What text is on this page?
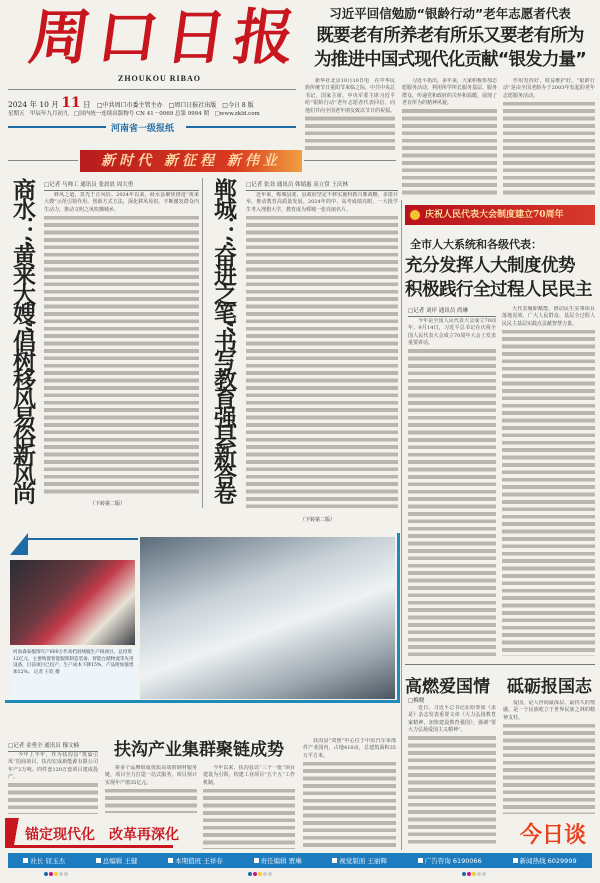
周口日报
ZHOUKOU RIBAO
2024 年 10 月 11 日 □中共周口市委主管主办　□周口日报社出版　□今日 8 版
星期五　甲辰年九月初九　□国内统一连续出版物号 CN 41－0069 总第 9994 期　□www.zkld.com
河南省一级报纸
习近平回信勉励“银龄行动”老年志愿者代表
既要老有所养老有所乐又要老有所为
为推进中国式现代化贡献“银发力量”

新华社北京10月10日电　在中华民族传统节日重阳节来临之际，中共中央总书记、国家主席、中央军委主席习近平给“银龄行动”老年志愿者代表回信，向他们并向全国老年朋友致以节日的祝福。

习近平指出，多年来，大家积极参加志愿服务活动，利用所学所长服务基层、服务群众，传递党和政府的关怀和温暖，展现了老有所为的精神风貌。

作用发挥好，权益维护好。“银龄行动”是由全国老龄办于2003年发起的老年志愿服务活动。

新时代 新征程 新伟业
商水：“黄来大嫂”倡树移风易俗新风尚	□记者 马帅工 通讯员 张晨晨 周大勇

移风之道，莫先于正风俗。2024年以来，商水县聚焦推进“黄来大嫂”示范引领作用，创新方式方法，深化移风易俗，不断激发群众内生动力，推动文明之风吹拂城乡。

（下转第二版）
郸城：“奋进之笔”书写教育强县新答卷	□记者 张劲 通讯员 韩婧惠 高立常 王庆林

近年来，郸城县委、县政府坚定不移实施科教兴郸战略，多措并举，推动教育高质量发展。2024年的中、高考成绩亮眼，一大批学生考入理想大学，教育成为郸城一张亮丽名片。

（下转第二版）
庆祝人民代表大会制度建立70周年
全市人大系统和各级代表：
充分发挥人大制度优势
积极践行全过程人民民主
□记者 刘岸 通讯员 尚琳

今年是全国人民代表大会成立70周年。9月14日，习近平总书记在庆祝全国人民代表大会成立70周年大会上发表重要讲话。

大代表履职赋能，推动民生实事项目落地见效，广大人民群众、基层全过程人民民主基层实践点贡献智慧力量。

河南森泰服饰年产600万件高档羽绒服生产线项目，总投资12亿元，主要购置智能服饰制造装备、智能仓储物流等先进设备，目前项目已投产，生产成本下降15%，产品附加值增加12%。 记者 王钦 摄
□记者 金勇全 通讯员 穆文楠	扶沟产业集群聚链成势

今年上半年，作为扶沟县“筑巢引凤”招商项目，扶沟宏成新能源有限公司年产2万吨、四件套120万套项目建成投产。

拼多个品牌组成优质高效的钢材服务链，项目全力打造一站式服务，项目预计实现年产值35亿元。

今年以来，扶沟县以“三个一批”项目建设为引领，构建工业项目“五个五”工作机制。

扶沟县“双创”中心位于中原汽车零部件产业园内，占地410亩，总建筑面积35万平方米。

锚定现代化　改革再深化
高燃爱国情　砥砺报国志
□梅晓

近日，习近平总书记在给参加《求是》杂志发表重要文章《大力弘扬教育家精神，加快建设教育强国》，强调“要大力弘扬爱国主义精神”。

爱国，是人世间最深层、最持久的情感，是一个民族屹立于世界民族之林的精神支柱。

今日谈
社长 屈玉杰	总编辑 王健	本期值班 王祥春	责任编辑 贾琳	视觉版面 王丽辉	广告咨询 6190066	新闻热线 6029999
